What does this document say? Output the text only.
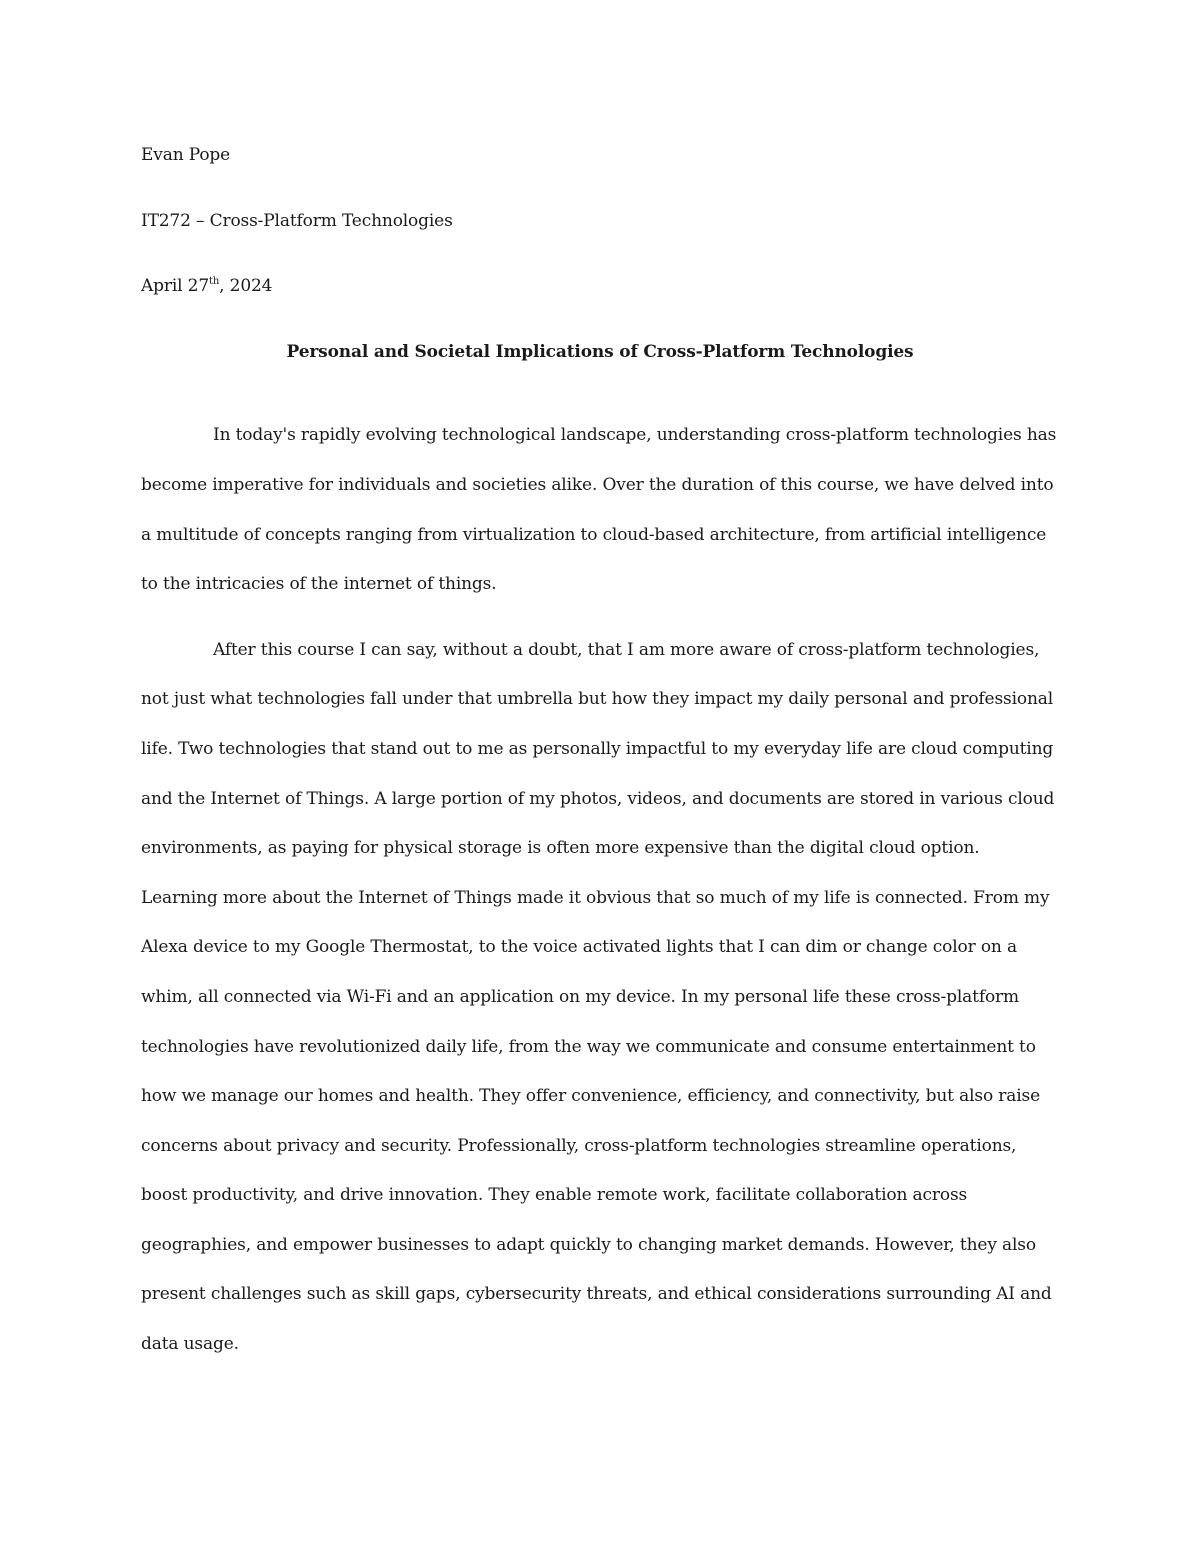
Evan Pope
IT272 – Cross-Platform Technologies
April 27th, 2024
Personal and Societal Implications of Cross-Platform Technologies

In today's rapidly evolving technological landscape, understanding cross-platform technologies has become imperative for individuals and societies alike. Over the duration of this course, we have delved into a multitude of concepts ranging from virtualization to cloud-based architecture, from artificial intelligence to the intricacies of the internet of things.

After this course I can say, without a doubt, that I am more aware of cross-platform technologies, not just what technologies fall under that umbrella but how they impact my daily personal and professional life. Two technologies that stand out to me as personally impactful to my everyday life are cloud computing and the Internet of Things. A large portion of my photos, videos, and documents are stored in various cloud environments, as paying for physical storage is often more expensive than the digital cloud option. Learning more about the Internet of Things made it obvious that so much of my life is connected. From my Alexa device to my Google Thermostat, to the voice activated lights that I can dim or change color on a whim, all connected via Wi-Fi and an application on my device. In my personal life these cross-platform technologies have revolutionized daily life, from the way we communicate and consume entertainment to how we manage our homes and health. They offer convenience, efficiency, and connectivity, but also raise concerns about privacy and security. Professionally, cross-platform technologies streamline operations, boost productivity, and drive innovation. They enable remote work, facilitate collaboration across geographies, and empower businesses to adapt quickly to changing market demands. However, they also present challenges such as skill gaps, cybersecurity threats, and ethical considerations surrounding AI and data usage.
